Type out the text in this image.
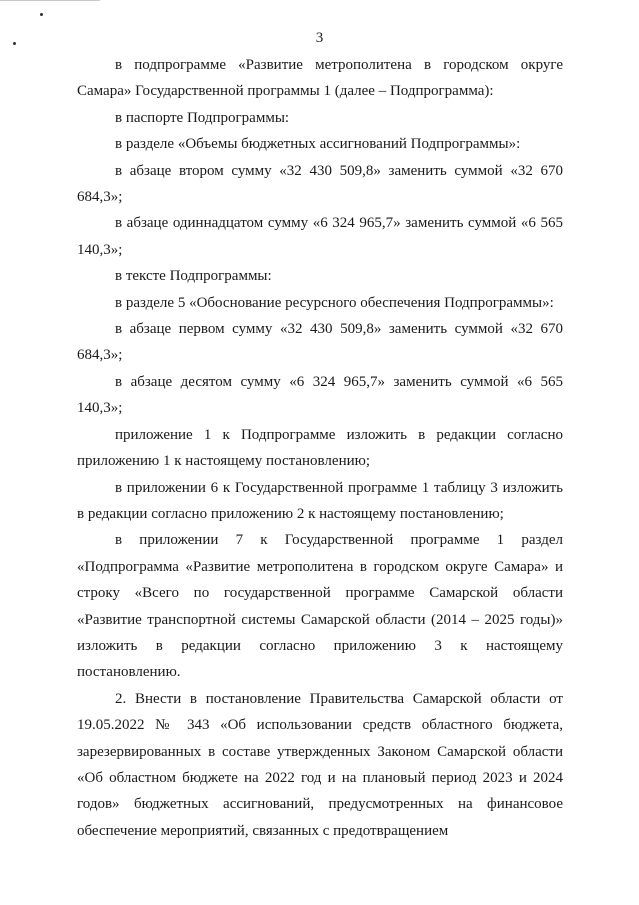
3

в подпрограмме «Развитие метрополитена в городском округе Самара» Государственной программы 1 (далее – Подпрограмма):

в паспорте Подпрограммы:

в разделе «Объемы бюджетных ассигнований Подпрограммы»:

в абзаце втором сумму «32 430 509,8» заменить суммой «32 670 684,3»;

в абзаце одиннадцатом сумму «6 324 965,7» заменить суммой «6 565 140,3»;

в тексте Подпрограммы:

в разделе 5 «Обоснование ресурсного обеспечения Подпрограммы»:

в абзаце первом сумму «32 430 509,8» заменить суммой «32 670 684,3»;

в абзаце десятом сумму «6 324 965,7» заменить суммой «6 565 140,3»;

приложение 1 к Подпрограмме изложить в редакции согласно приложению 1 к настоящему постановлению;

в приложении 6 к Государственной программе 1 таблицу 3 изложить в редакции согласно приложению 2 к настоящему постановлению;

в приложении 7 к Государственной программе 1 раздел «Подпрограмма «Развитие метрополитена в городском округе Самара» и строку «Всего по государственной программе Самарской области «Развитие транспортной системы Самарской области (2014 – 2025 годы)» изложить в редакции согласно приложению 3 к настоящему постановлению.

2. Внести в постановление Правительства Самарской области от 19.05.2022 № 343 «Об использовании средств областного бюджета, зарезервированных в составе утвержденных Законом Самарской области «Об областном бюджете на 2022 год и на плановый период 2023 и 2024 годов» бюджетных ассигнований, предусмотренных на финансовое обеспечение мероприятий, связанных с предотвращением
